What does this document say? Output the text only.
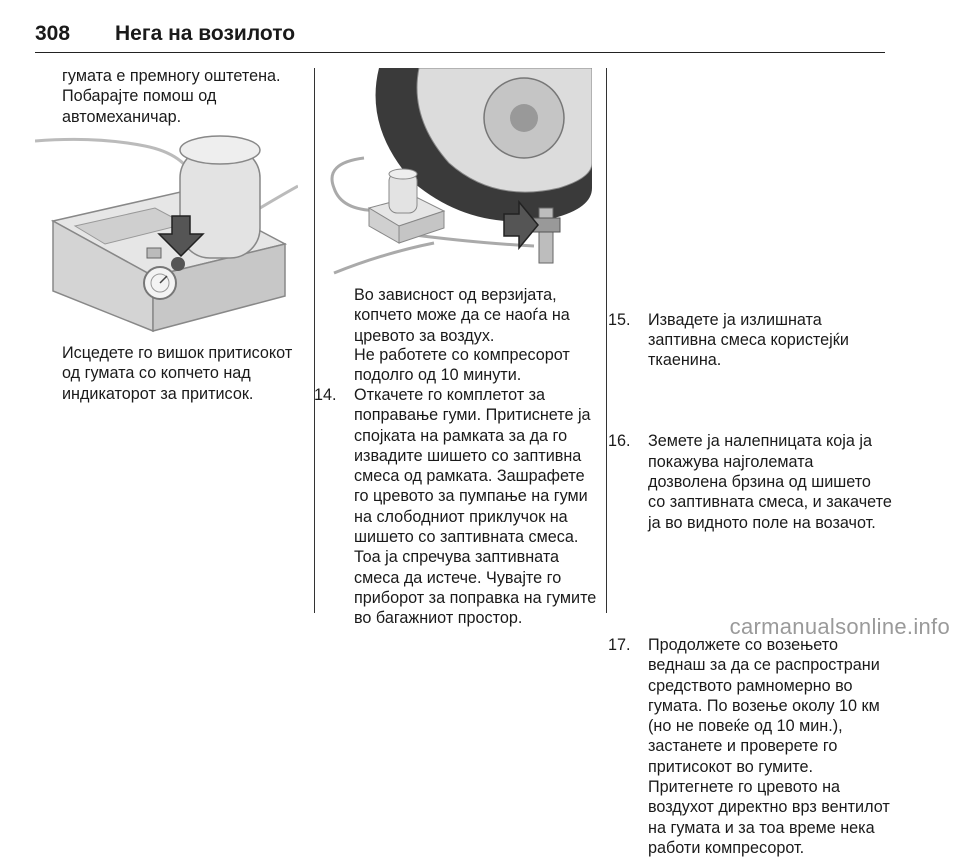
308 Нега на возилото

гумата е премногу оштетена.

Побарајте помош од

автомеханичар.

Исцедете го вишок притисокот

од гумата со копчето над

индикаторот за притисок.

Во зависност од верзијата,

копчето може да се наоѓа на

цревото за воздух.

Не работете со компресорот

подолго од 10 минути.

14. Откачете го комплетот за

поправање гуми. Притиснете ја

спојката на рамката за да го

извадите шишето со заптивна

смеса од рамката. Зашрафете

го цревото за пумпање на гуми

на слободниот приклучок на

шишето со заптивната смеса.

Тоа ја спречува заптивната

смеса да истече. Чувајте го

приборот за поправка на гумите

во багажниот простор.

15. Извадете ја излишната

заптивна смеса користејќи

ткаенина.

16. Земете ја налепницата која ја

покажува најголемата

дозволена брзина од шишето

со заптивната смеса, и закачете

ја во видното поле на возачот.

17. Продолжете со возењето

веднаш за да се распространи

средството рамномерно во

гумата. По возење околу 10 км

(но не повеќе од 10 мин.),

застанете и проверете го

притисокот во гумите.

Притегнете го цревото на

воздухот директно врз вентилот

на гумата и за тоа време нека

работи компресорот.

carmanualsonline.info
